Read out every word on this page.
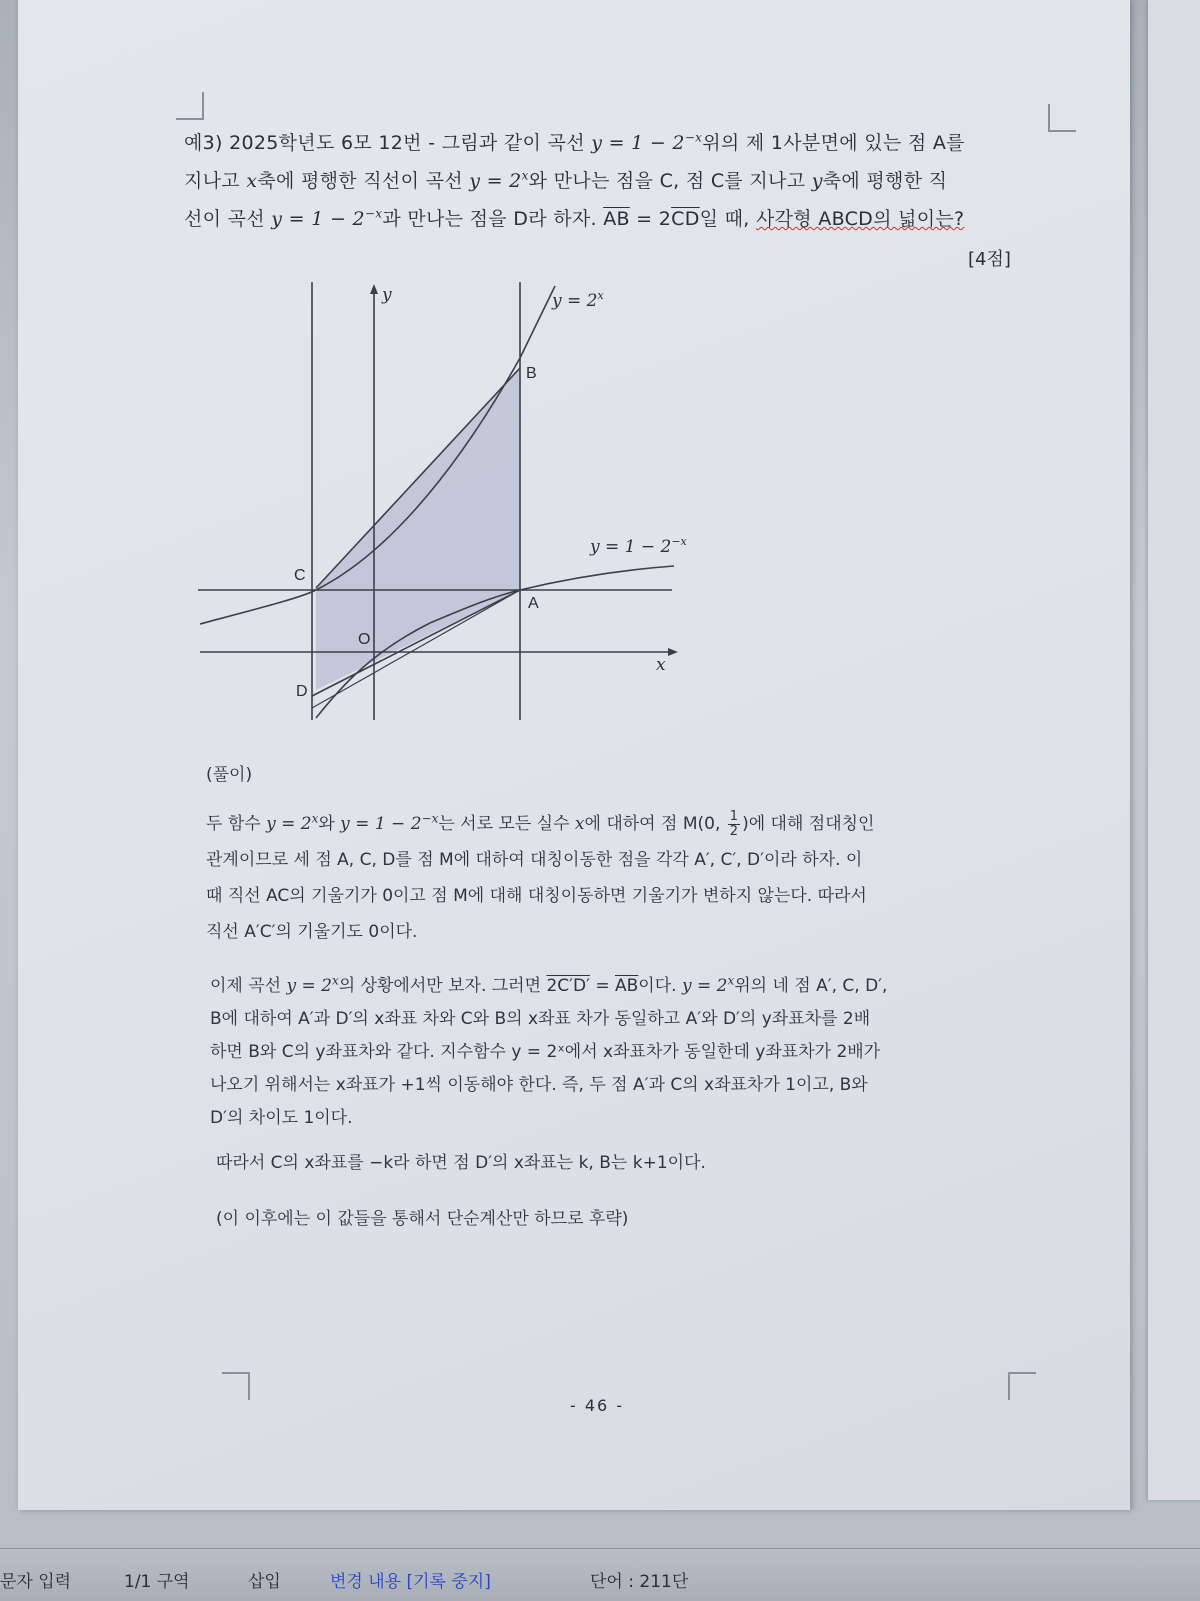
예3) 2025학년도 6모 12번 - 그림과 같이 곡선 $y = 1 - 2^{-x}$위의 제 1사분면에 있는 점 A를

지나고 x축에 평행한 직선이 곡선 $y = 2^x$와 만나는 점을 C, 점 C를 지나고 y축에 평행한 직

선이 곡선 $y = 1 - 2^{-x}$과 만나는 점을 D라 하자. $\overline{AB} = 2\overline{CD}$일 때, 사각형 ABCD의 넓이는?

[4점]
y
x
$y = 2^x$
$y = 1 - 2^{-x}$
B
C
A
O
D
(풀이)

두 함수 $y = 2^x$와 $y = 1 - 2^{-x}$는 서로 모든 실수 x에 대하여 점 M(0, $\frac{1}{2}$ )에 대해 점대칭인

관계이므로 세 점 A, C, D를 점 M에 대하여 대칭이동한 점을 각각 A′, C′, D′이라 하자. 이

때 직선 AC의 기울기가 0이고 점 M에 대해 대칭이동하면 기울기가 변하지 않는다. 따라서

직선 A′C′의 기울기도 0이다.

이제 곡선 $y = 2^x$의 상황에서만 보자. 그러면 $2C'D' = \overline{AB}$이다. $y = 2^x$위의 네 점 A′, C, D′,

B에 대하여 A′과 D′의 x좌표 차와 C와 B의 x좌표 차가 동일하고 A′와 D′의 y좌표차를 2배

하면 B와 C의 y좌표차와 같다. 지수함수 y = 2ˣ에서 x좌표차가 동일한데 y좌표차가 2배가

나오기 위해서는 x좌표가 +1씩 이동해야 한다. 즉, 두 점 A′과 C의 x좌표차가 1이고, B와

D′의 차이도 1이다.

따라서 C의 x좌표를 −k라 하면 점 D′의 x좌표는 k, B는 k+1이다.

(이 이후에는 이 값들을 통해서 단순계산만 하므로 후략)

- 46 -
문자 입력	1/1 구역	삽입	변경 내용 [기록 중지]	단어 : 211단
